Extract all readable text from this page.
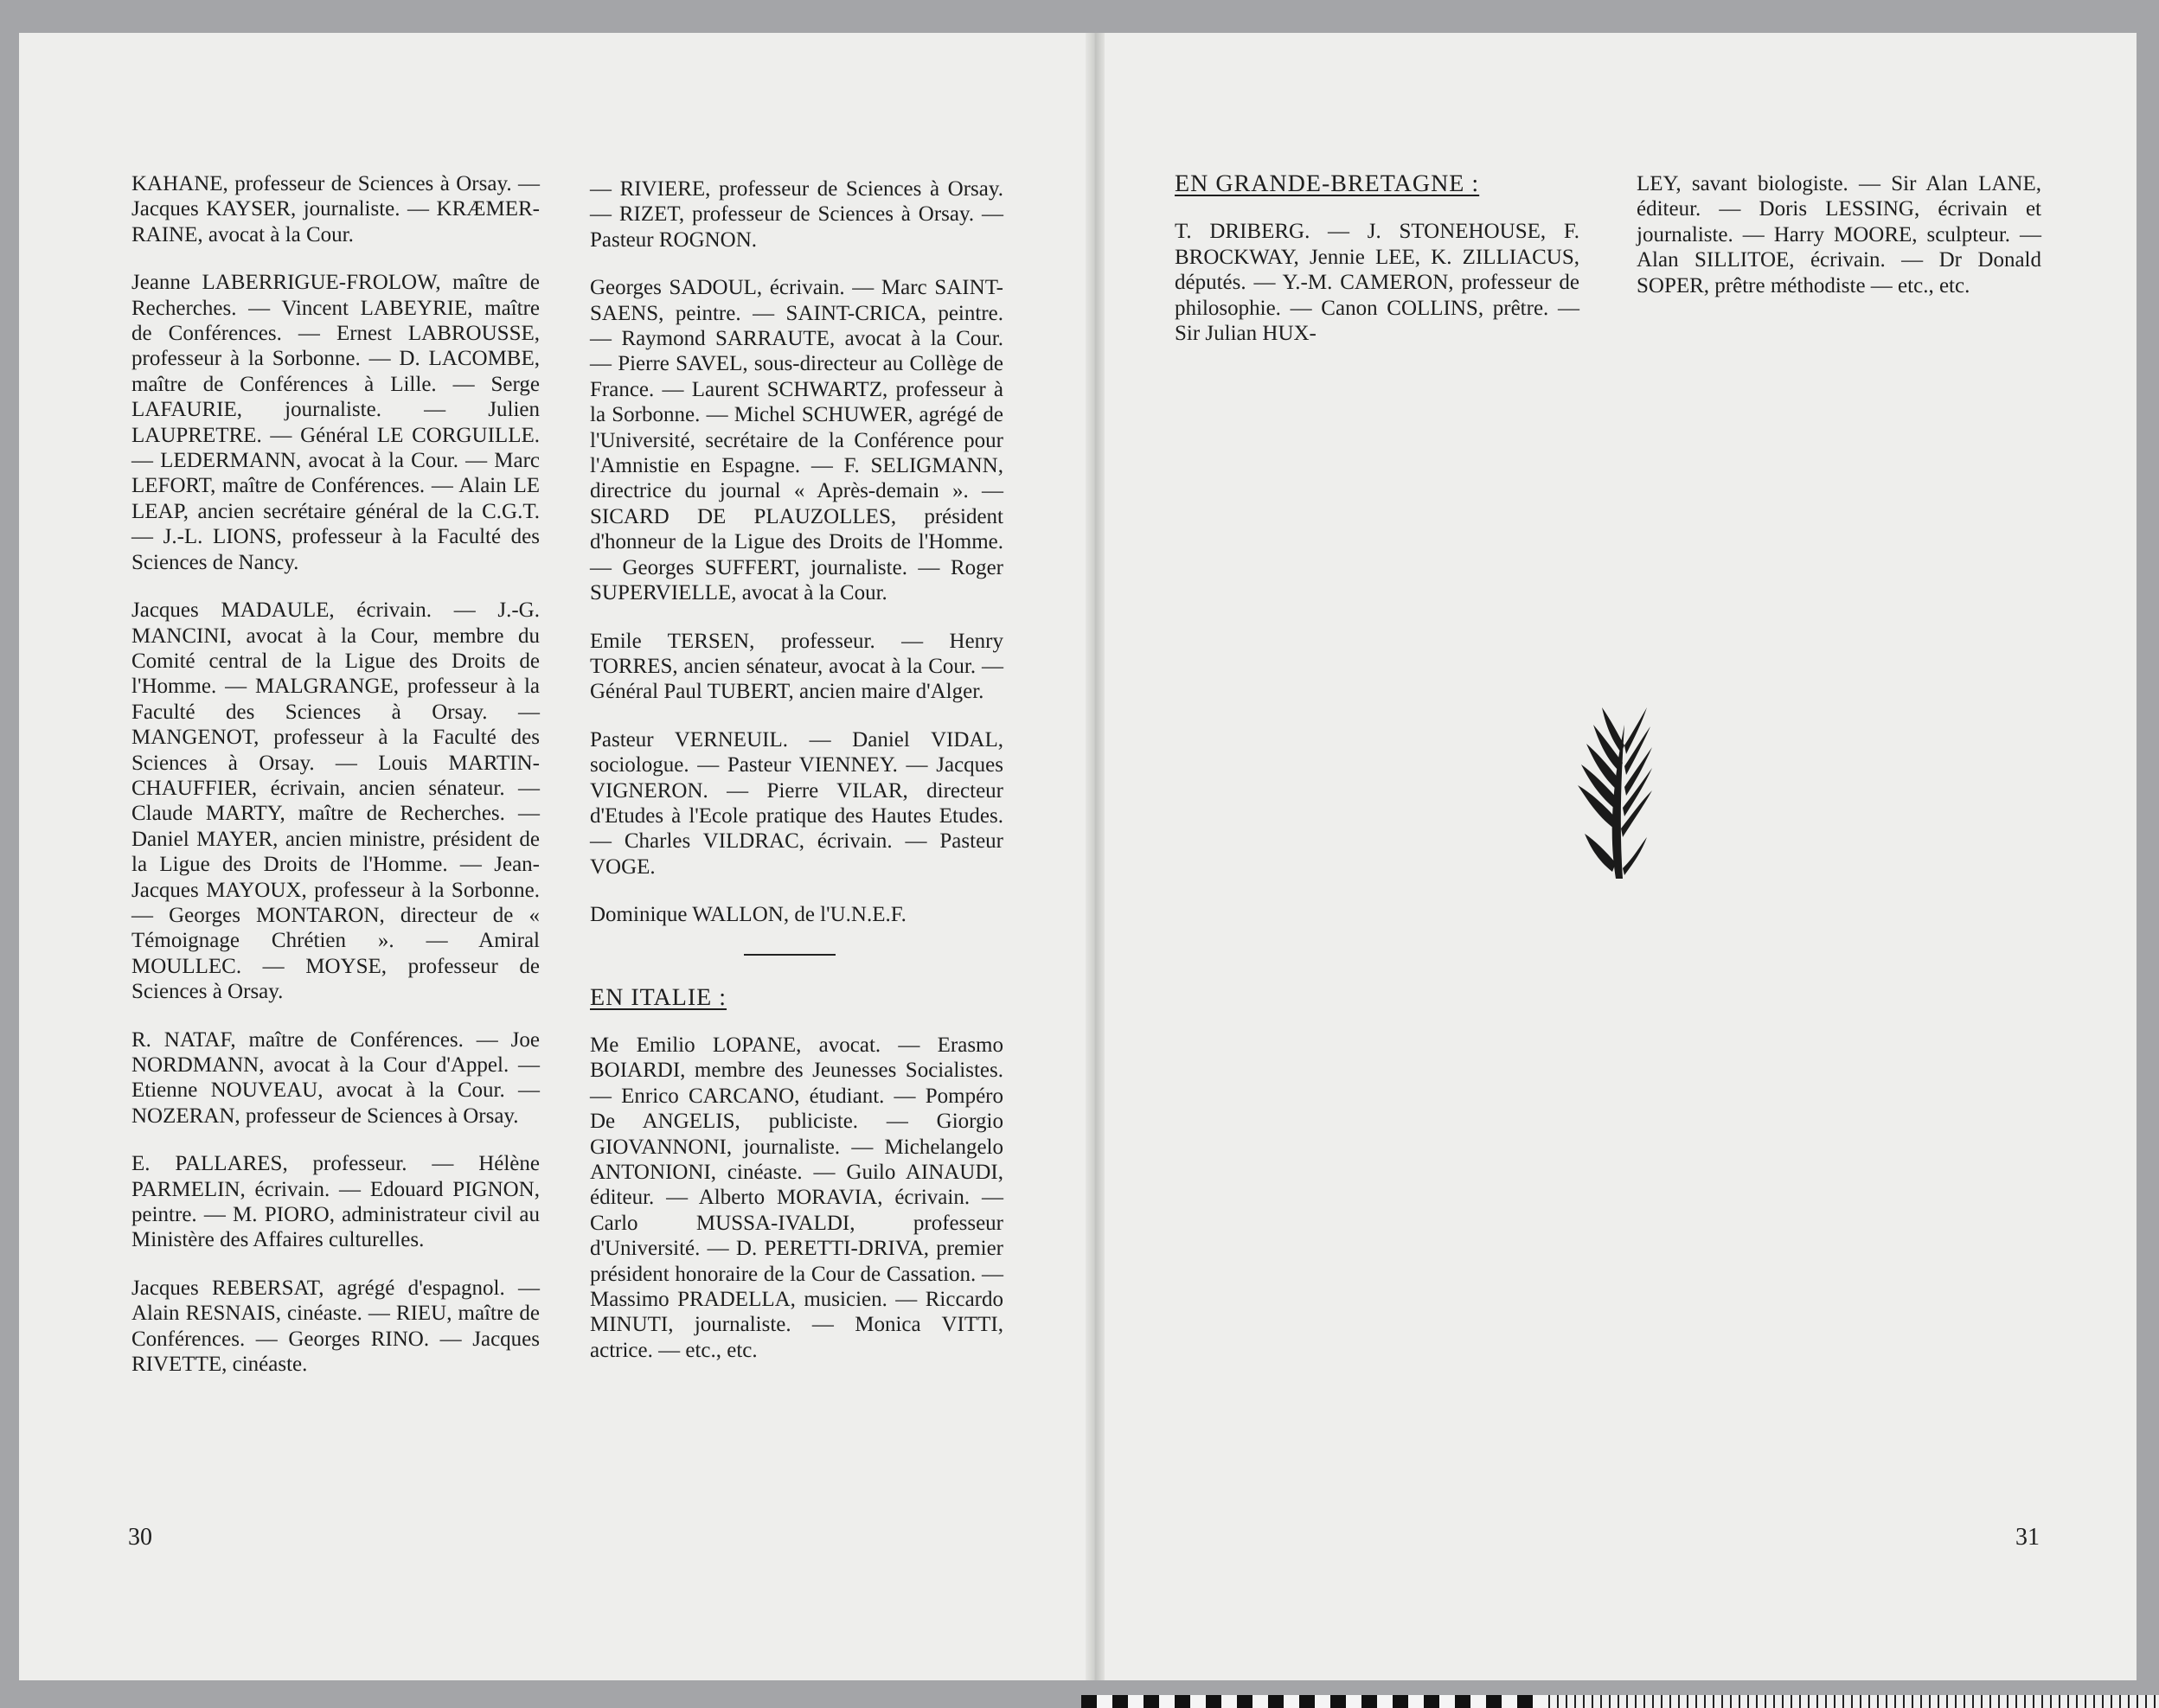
KAHANE, professeur de Sciences à Orsay. — Jacques KAYSER, journaliste. — KRÆMER-RAINE, avocat à la Cour.

Jeanne LABERRIGUE-FROLOW, maître de Recherches. — Vincent LABEYRIE, maître de Conférences. — Ernest LABROUSSE, professeur à la Sorbonne. — D. LACOMBE, maître de Conférences à Lille. — Serge LAFAURIE, journaliste. — Julien LAUPRETRE. — Général LE CORGUILLE. — LEDERMANN, avocat à la Cour. — Marc LEFORT, maître de Conférences. — Alain LE LEAP, ancien secrétaire général de la C.G.T. — J.-L. LIONS, professeur à la Faculté des Sciences de Nancy.

Jacques MADAULE, écrivain. — J.-G. MANCINI, avocat à la Cour, membre du Comité central de la Ligue des Droits de l'Homme. — MALGRANGE, professeur à la Faculté des Sciences à Orsay. — MANGENOT, professeur à la Faculté des Sciences à Orsay. — Louis MARTIN-CHAUFFIER, écrivain, ancien sénateur. — Claude MARTY, maître de Recherches. — Daniel MAYER, ancien ministre, président de la Ligue des Droits de l'Homme. — Jean-Jacques MAYOUX, professeur à la Sorbonne. — Georges MONTARON, directeur de « Témoignage Chrétien ». — Amiral MOULLEC. — MOYSE, professeur de Sciences à Orsay.

R. NATAF, maître de Conférences. — Joe NORDMANN, avocat à la Cour d'Appel. — Etienne NOUVEAU, avocat à la Cour. — NOZERAN, professeur de Sciences à Orsay.

E. PALLARES, professeur. — Hélène PARMELIN, écrivain. — Edouard PIGNON, peintre. — M. PIORO, administrateur civil au Ministère des Affaires culturelles.

Jacques REBERSAT, agrégé d'espagnol. — Alain RESNAIS, cinéaste. — RIEU, maître de Conférences. — Georges RINO. — Jacques RIVETTE, cinéaste.

— RIVIERE, professeur de Sciences à Orsay. — RIZET, professeur de Sciences à Orsay. — Pasteur ROGNON.

Georges SADOUL, écrivain. — Marc SAINT-SAENS, peintre. — SAINT-CRICA, peintre. — Raymond SARRAUTE, avocat à la Cour. — Pierre SAVEL, sous-directeur au Collège de France. — Laurent SCHWARTZ, professeur à la Sorbonne. — Michel SCHUWER, agrégé de l'Université, secrétaire de la Conférence pour l'Amnistie en Espagne. — F. SELIGMANN, directrice du journal « Après-demain ». — SICARD DE PLAUZOLLES, président d'honneur de la Ligue des Droits de l'Homme. — Georges SUFFERT, journaliste. — Roger SUPERVIELLE, avocat à la Cour.

Emile TERSEN, professeur. — Henry TORRES, ancien sénateur, avocat à la Cour. — Général Paul TUBERT, ancien maire d'Alger.

Pasteur VERNEUIL. — Daniel VIDAL, sociologue. — Pasteur VIENNEY. — Jacques VIGNERON. — Pierre VILAR, directeur d'Etudes à l'Ecole pratique des Hautes Etudes. — Charles VILDRAC, écrivain. — Pasteur VOGE.

Dominique WALLON, de l'U.N.E.F.

EN ITALIE :

Me Emilio LOPANE, avocat. — Erasmo BOIARDI, membre des Jeunesses Socialistes. — Enrico CARCANO, étudiant. — Pompéro De ANGELIS, publiciste. — Giorgio GIOVANNONI, journaliste. — Michelangelo ANTONIONI, cinéaste. — Guilo AINAUDI, éditeur. — Alberto MORAVIA, écrivain. — Carlo MUSSA-IVALDI, professeur d'Université. — D. PERETTI-DRIVA, premier président honoraire de la Cour de Cassation. — Massimo PRADELLA, musicien. — Riccardo MINUTI, journaliste. — Monica VITTI, actrice. — etc., etc.

30
EN GRANDE-BRETAGNE :

T. DRIBERG. — J. STONEHOUSE, F. BROCKWAY, Jennie LEE, K. ZILLIACUS, députés. — Y.-M. CAMERON, professeur de philosophie. — Canon COLLINS, prêtre. — Sir Julian HUX-

LEY, savant biologiste. — Sir Alan LANE, éditeur. — Doris LESSING, écrivain et journaliste. — Harry MOORE, sculpteur. — Alan SILLITOE, écrivain. — Dr Donald SOPER, prêtre méthodiste — etc., etc.

31
